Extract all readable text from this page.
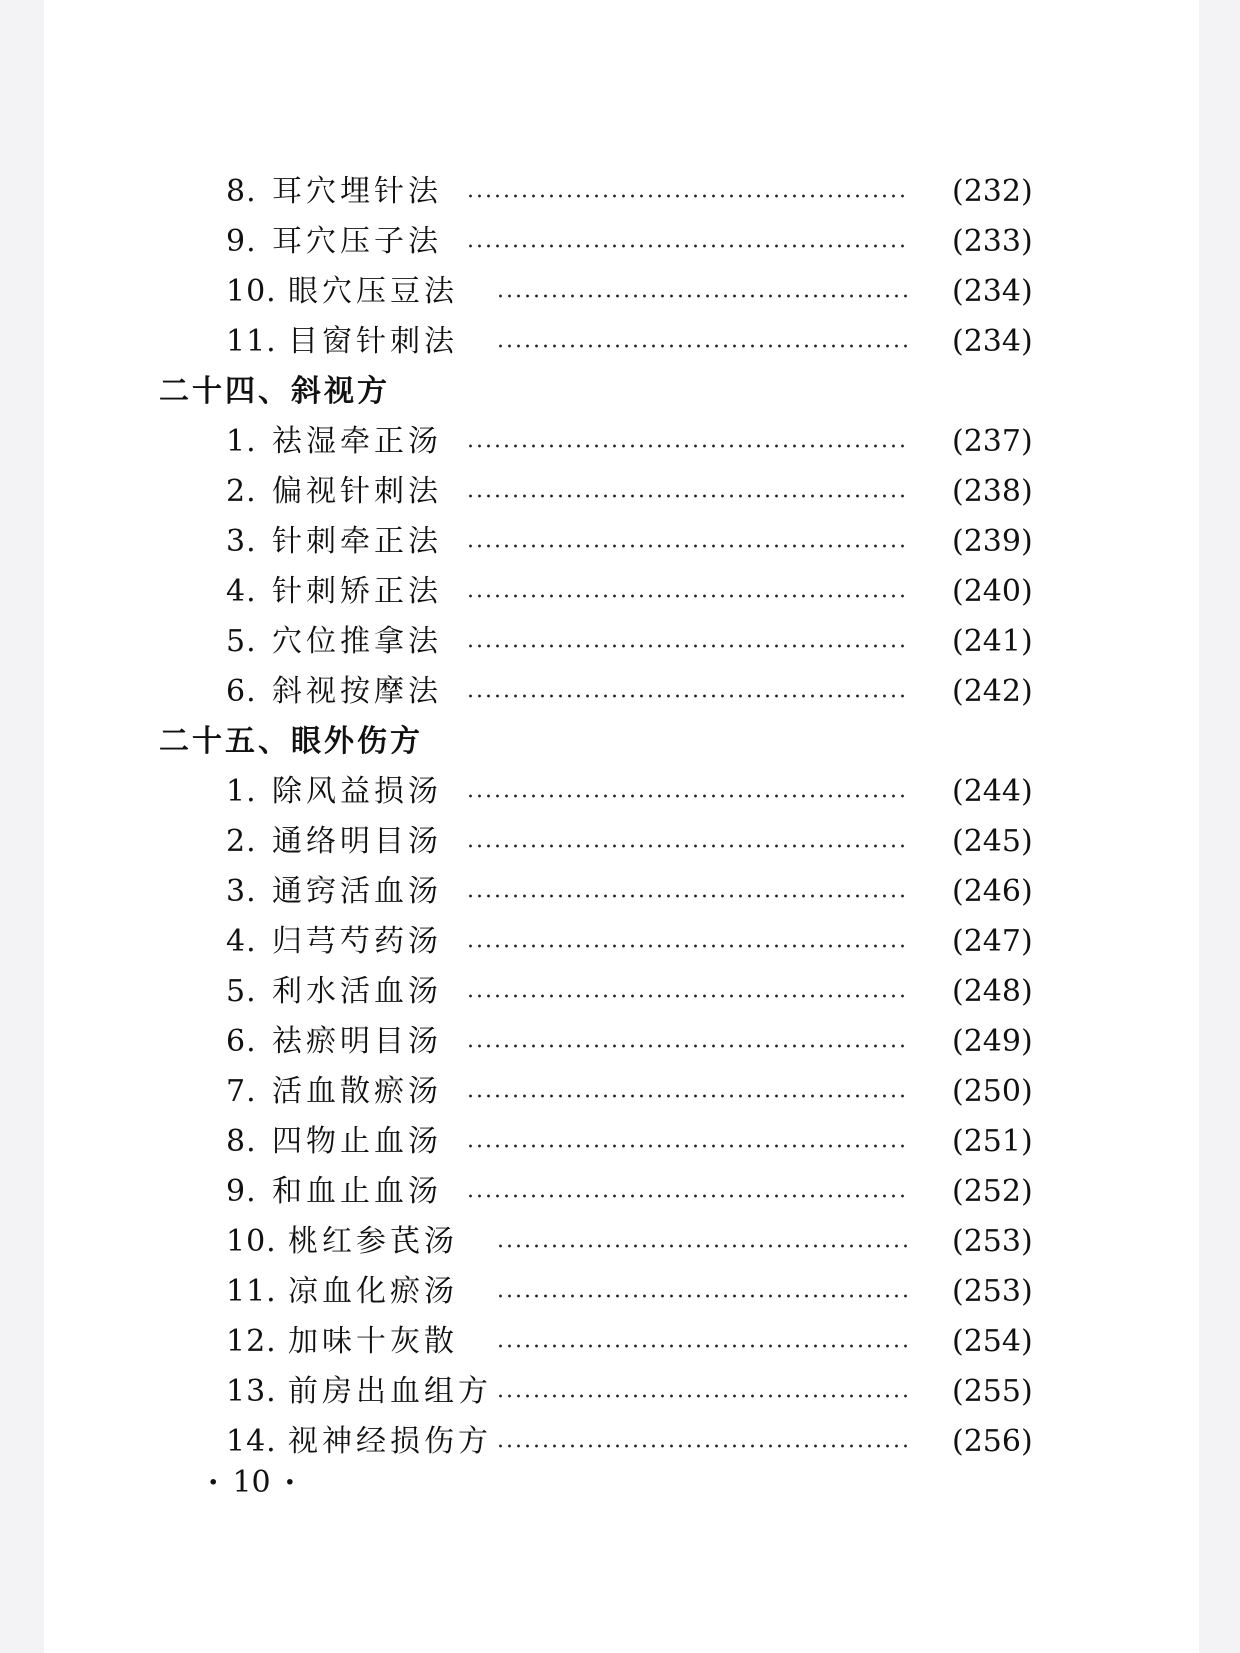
8. 耳穴埋针法	(232)
9. 耳穴压子法	(233)
10. 眼穴压豆法	(234)
11. 目窗针刺法	(234)
二十四、斜视方
1. 祛湿牵正汤	(237)
2. 偏视针刺法	(238)
3. 针刺牵正法	(239)
4. 针刺矫正法	(240)
5. 穴位推拿法	(241)
6. 斜视按摩法	(242)
二十五、眼外伤方
1. 除风益损汤	(244)
2. 通络明目汤	(245)
3. 通窍活血汤	(246)
4. 归芎芍药汤	(247)
5. 利水活血汤	(248)
6. 祛瘀明目汤	(249)
7. 活血散瘀汤	(250)
8. 四物止血汤	(251)
9. 和血止血汤	(252)
10. 桃红参芪汤	(253)
11. 凉血化瘀汤	(253)
12. 加味十灰散	(254)
13. 前房出血组方	(255)
14. 视神经损伤方	(256)
· 10 ·
